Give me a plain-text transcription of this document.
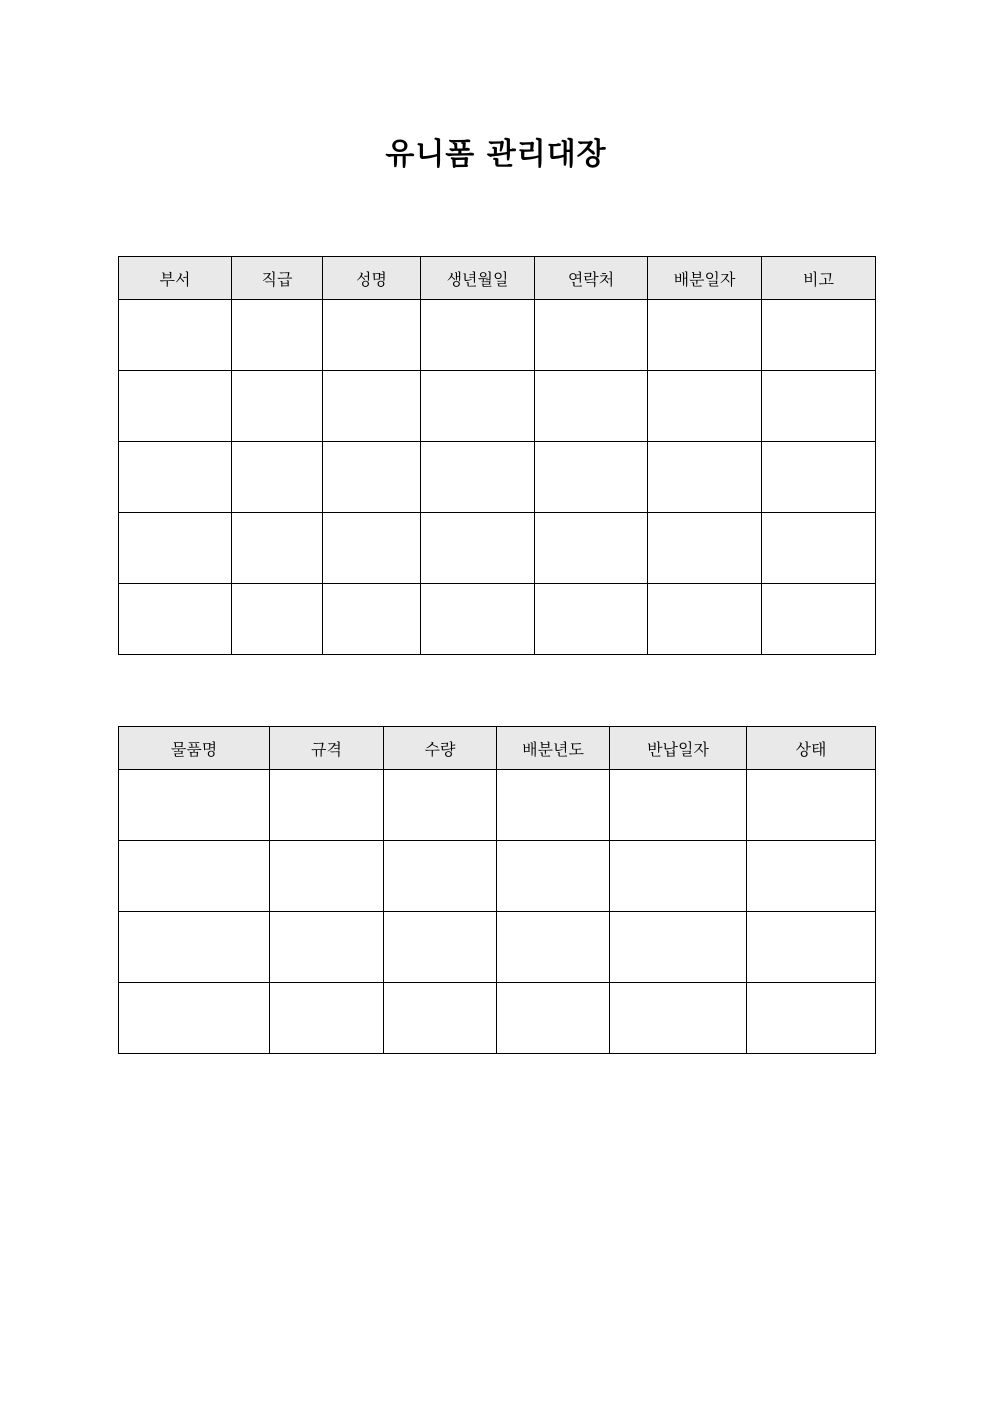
유니폼 관리대장
부서	직급	성명	생년월일	연락처	배분일자	비고

물품명	규격	수량	배분년도	반납일자	상태
